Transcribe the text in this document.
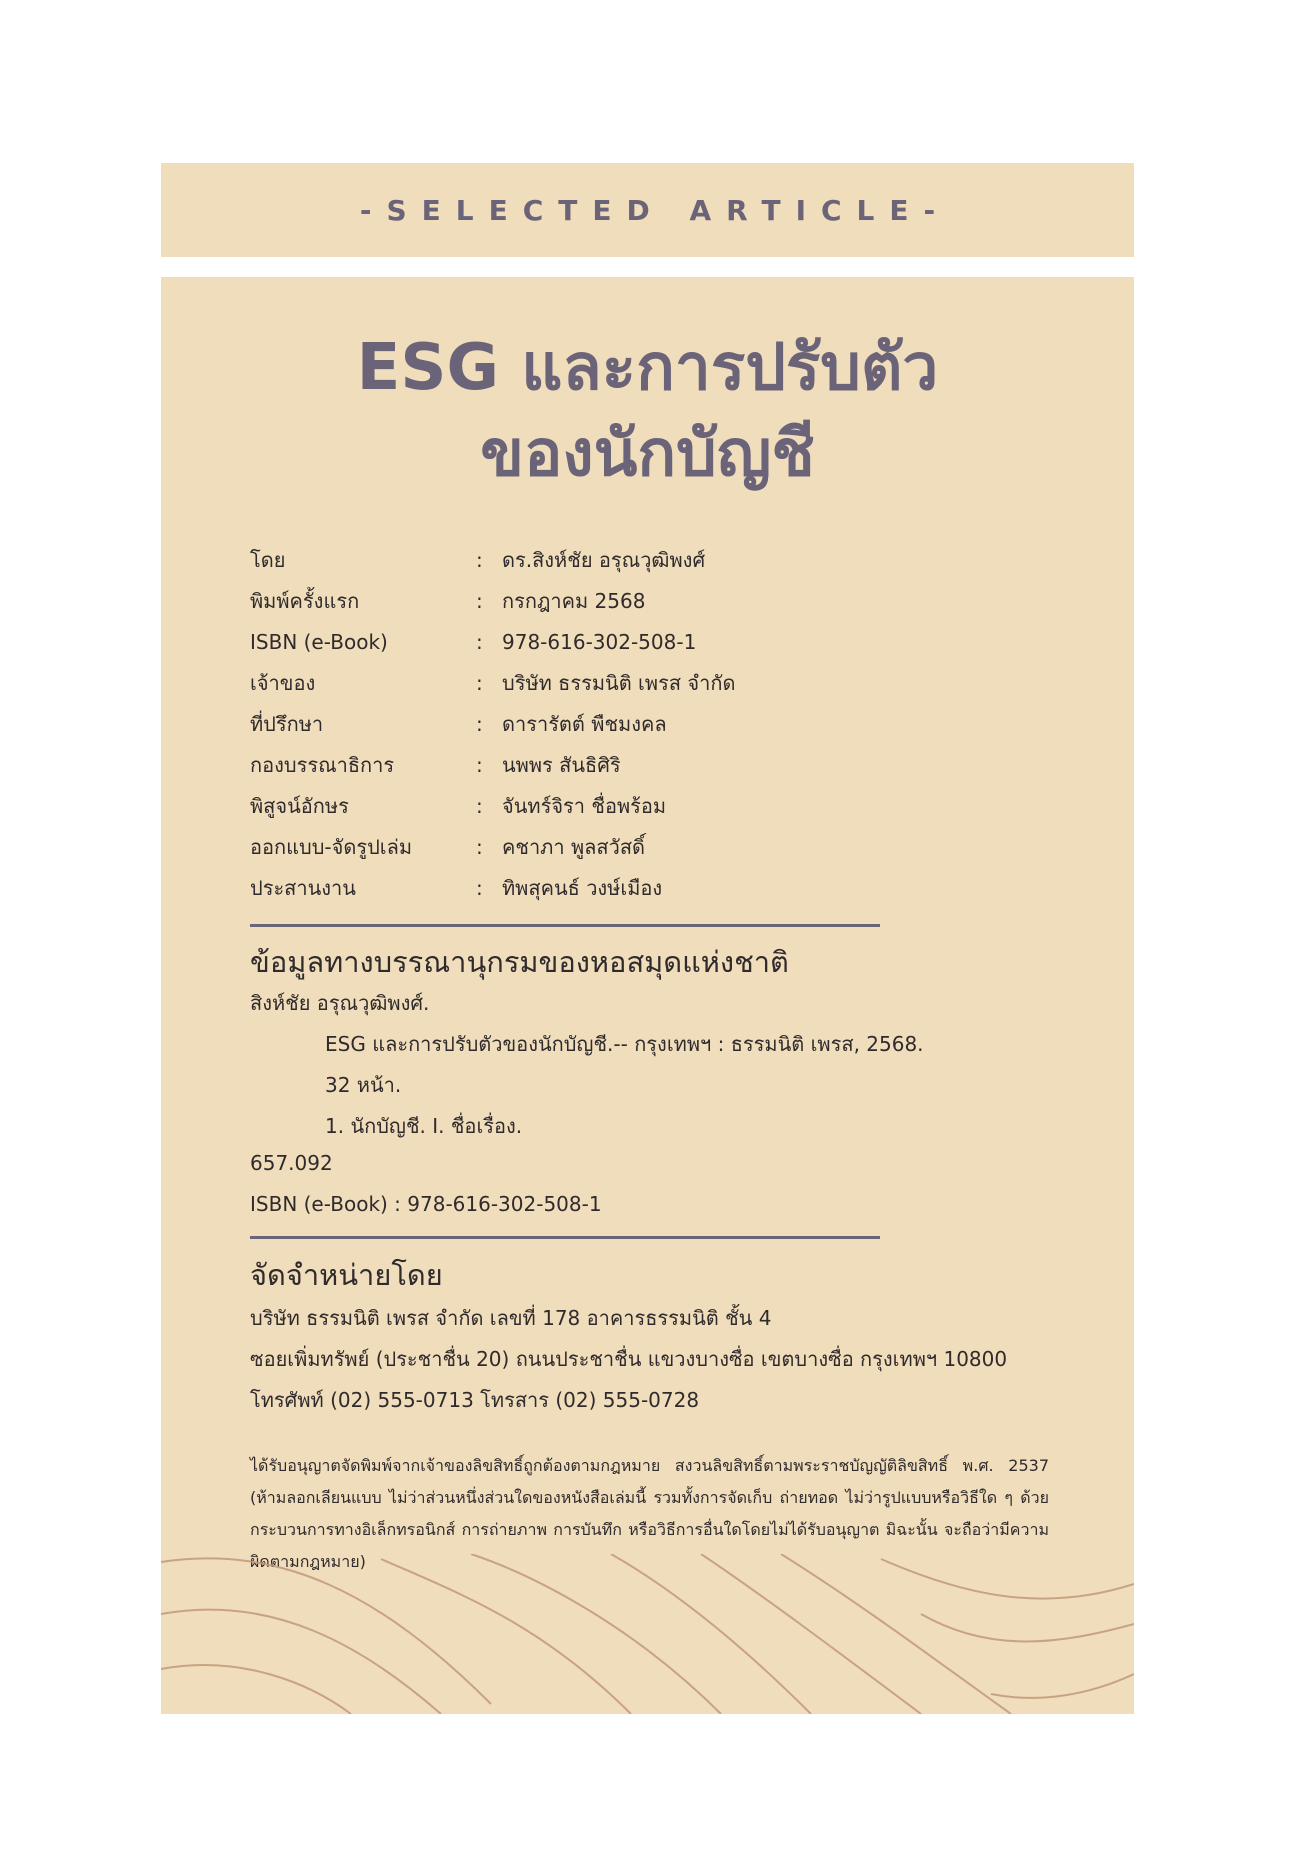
-SELECTED ARTICLE-
ESG และการปรับตัว
ของนักบัญชี
โดย	: ดร.สิงห์ชัย อรุณวุฒิพงศ์
พิมพ์ครั้งแรก	: กรกฎาคม 2568
ISBN (e-Book)	: 978-616-302-508-1
เจ้าของ	: บริษัท ธรรมนิติ เพรส จำกัด
ที่ปรึกษา	: ดารารัตต์ พืชมงคล
กองบรรณาธิการ	: นพพร สันธิศิริ
พิสูจน์อักษร	: จันทร์จิรา ชื่อพร้อม
ออกแบบ-จัดรูปเล่ม	: คชาภา พูลสวัสดิ์
ประสานงาน	: ทิพสุคนธ์ วงษ์เมือง
ข้อมูลทางบรรณานุกรมของหอสมุดแห่งชาติ
สิงห์ชัย อรุณวุฒิพงศ์.
ESG และการปรับตัวของนักบัญชี.-- กรุงเทพฯ : ธรรมนิติ เพรส, 2568.
32 หน้า.
1. นักบัญชี. I. ชื่อเรื่อง.
657.092
ISBN (e-Book) : 978-616-302-508-1
จัดจำหน่ายโดย
บริษัท ธรรมนิติ เพรส จำกัด เลขที่ 178 อาคารธรรมนิติ ชั้น 4
ซอยเพิ่มทรัพย์ (ประชาชื่น 20) ถนนประชาชื่น แขวงบางซื่อ เขตบางซื่อ กรุงเทพฯ 10800
โทรศัพท์ (02) 555-0713 โทรสาร (02) 555-0728
ได้รับอนุญาตจัดพิมพ์จากเจ้าของลิขสิทธิ์ถูกต้องตามกฎหมาย สงวนลิขสิทธิ์ตามพระราชบัญญัติลิขสิทธิ์ พ.ศ. 2537 (ห้ามลอกเลียนแบบ ไม่ว่าส่วนหนึ่งส่วนใดของหนังสือเล่มนี้ รวมทั้งการจัดเก็บ ถ่ายทอด ไม่ว่ารูปแบบหรือวิธีใด ๆ ด้วยกระบวนการทางอิเล็กทรอนิกส์ การถ่ายภาพ การบันทึก หรือวิธีการอื่นใดโดยไม่ได้รับอนุญาต มิฉะนั้น จะถือว่ามีความผิดตามกฎหมาย)
